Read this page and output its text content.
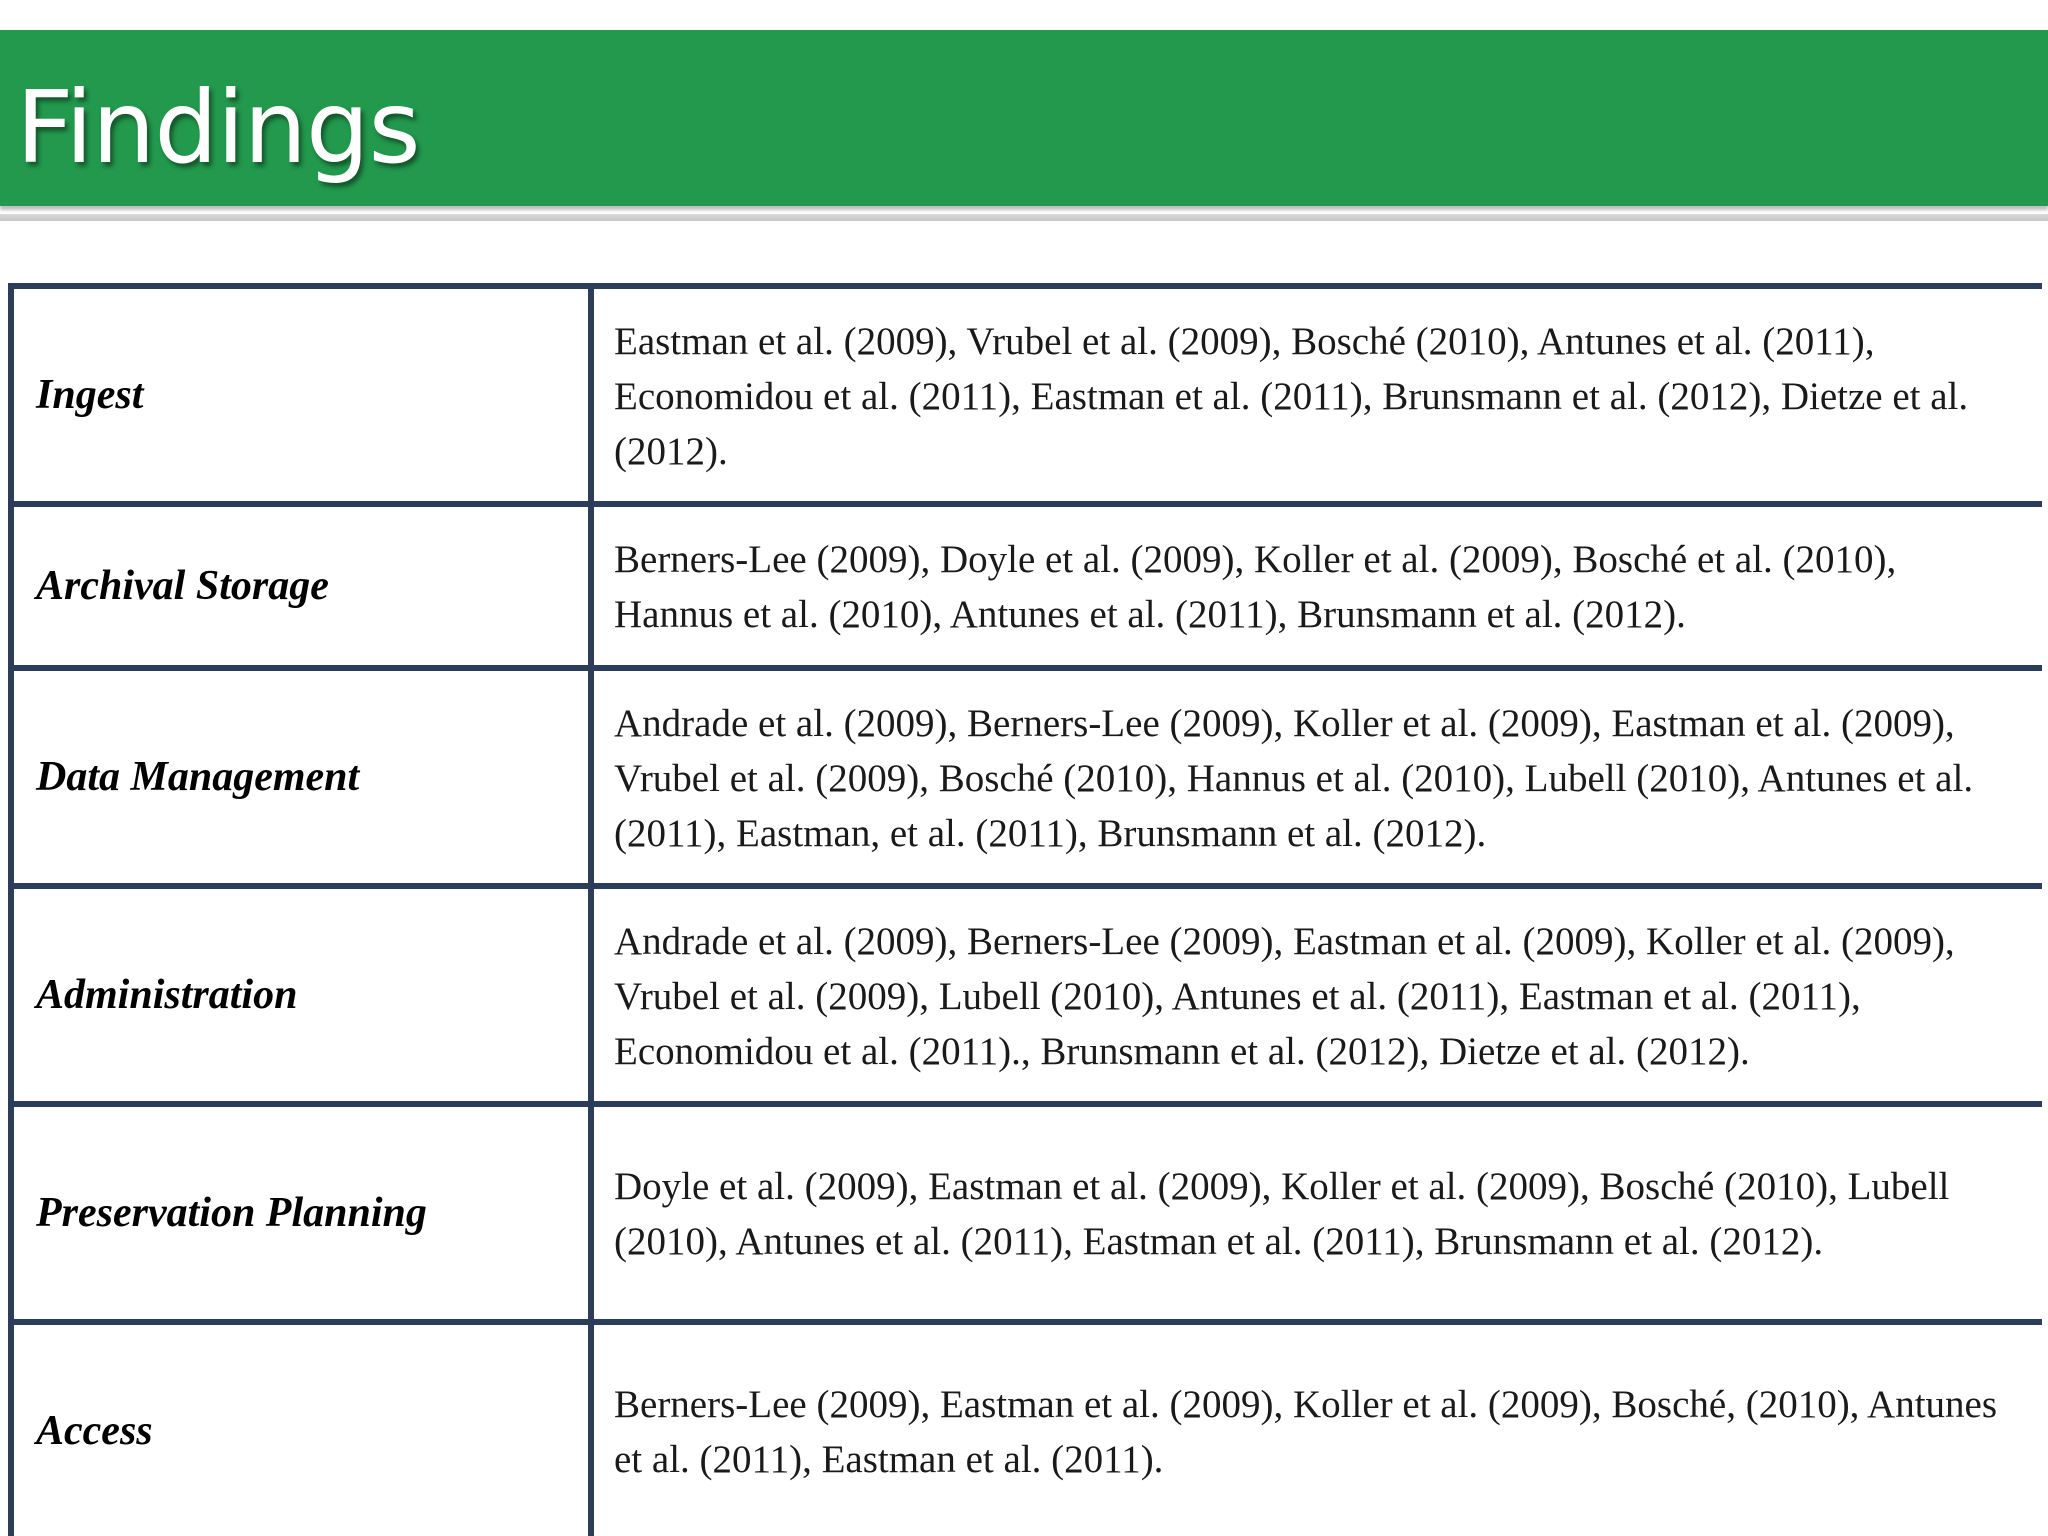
Findings
Ingest	Eastman et al. (2009), Vrubel et al. (2009), Bosché (2010), Antunes et al. (2011), Economidou et al. (2011), Eastman et al. (2011), Brunsmann et al. (2012), Dietze et al. (2012).
Archival Storage	Berners-Lee (2009), Doyle et al. (2009), Koller et al. (2009), Bosché et al. (2010), Hannus et al. (2010), Antunes et al. (2011), Brunsmann et al. (2012).
Data Management	Andrade et al. (2009), Berners-Lee (2009), Koller et al. (2009), Eastman et al. (2009), Vrubel et al. (2009), Bosché (2010), Hannus et al. (2010), Lubell (2010), Antunes et al. (2011), Eastman, et al. (2011), Brunsmann et al. (2012).
Administration	Andrade et al. (2009), Berners-Lee (2009), Eastman et al. (2009), Koller et al. (2009), Vrubel et al. (2009), Lubell (2010), Antunes et al. (2011), Eastman et al. (2011), Economidou et al. (2011)., Brunsmann et al. (2012), Dietze et al. (2012).
Preservation Planning	Doyle et al. (2009), Eastman et al. (2009), Koller et al. (2009), Bosché (2010), Lubell (2010), Antunes et al. (2011), Eastman et al. (2011), Brunsmann et al. (2012).
Access	Berners-Lee (2009), Eastman et al. (2009), Koller et al. (2009), Bosché, (2010), Antunes et al. (2011), Eastman et al. (2011).
